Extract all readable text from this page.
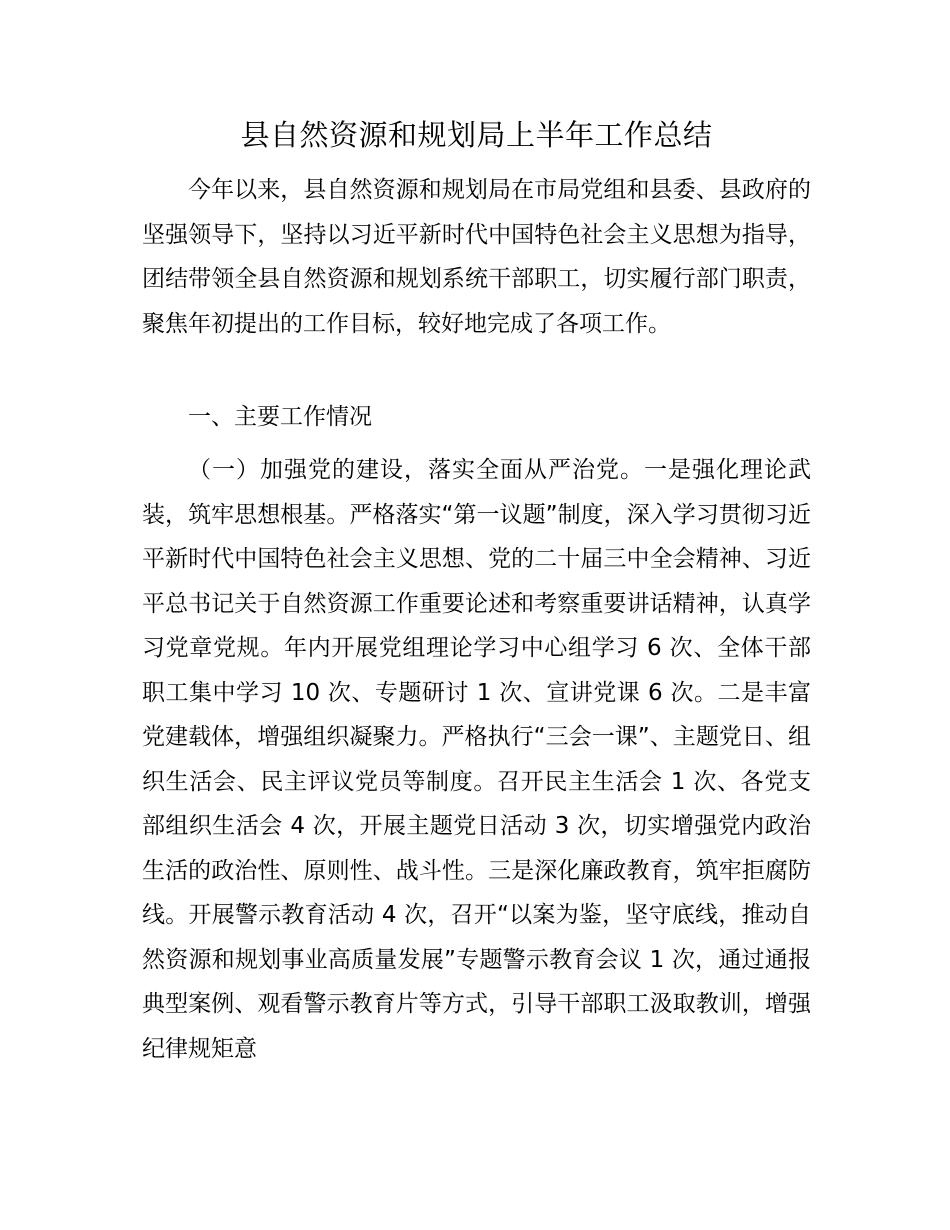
县自然资源和规划局上半年工作总结

今年以来，县自然资源和规划局在市局党组和县委、县政府的坚强领导下，坚持以习近平新时代中国特色社会主义思想为指导，团结带领全县自然资源和规划系统干部职工，切实履行部门职责，聚焦年初提出的工作目标，较好地完成了各项工作。

一、主要工作情况

（一）加强党的建设，落实全面从严治党。一是强化理论武装，筑牢思想根基。严格落实“第一议题”制度，深入学习贯彻习近平新时代中国特色社会主义思想、党的二十届三中全会精神、习近平总书记关于自然资源工作重要论述和考察重要讲话精神，认真学习党章党规。年内开展党组理论学习中心组学习 6 次、全体干部职工集中学习 10 次、专题研讨 1 次、宣讲党课 6 次。二是丰富党建载体，增强组织凝聚力。严格执行“三会一课”、主题党日、组织生活会、民主评议党员等制度。召开民主生活会 1 次、各党支部组织生活会 4 次，开展主题党日活动 3 次，切实增强党内政治生活的政治性、原则性、战斗性。三是深化廉政教育，筑牢拒腐防线。开展警示教育活动 4 次，召开“以案为鉴，坚守底线，推动自然资源和规划事业高质量发展”专题警示教育会议 1 次，通过通报典型案例、观看警示教育片等方式，引导干部职工汲取教训，增强纪律规矩意
